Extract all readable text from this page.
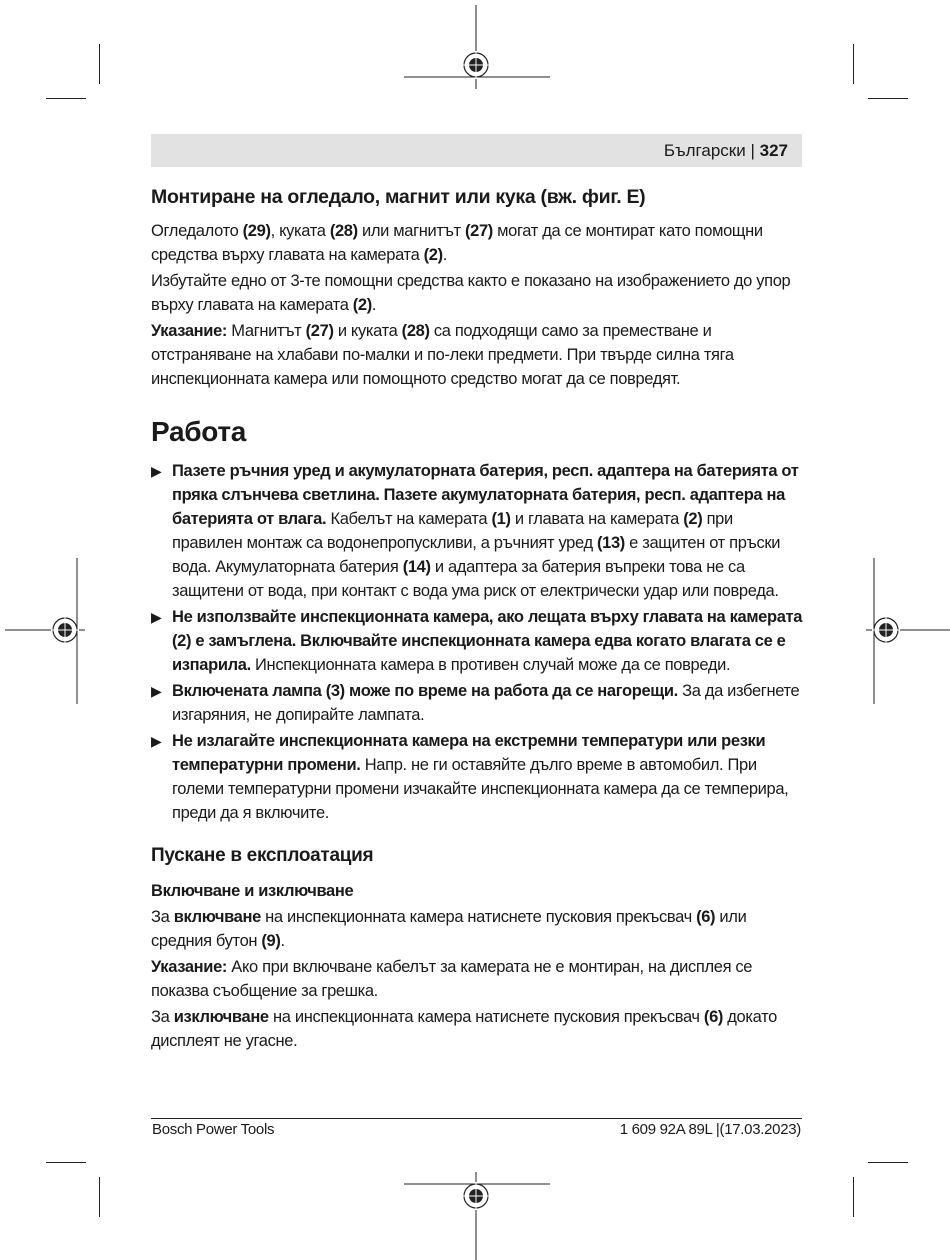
Български | 327
Монтиране на огледало, магнит или кука (вж. фиг. E)

Огледалото (29), куката (28) или магнитът (27) могат да се монтират като помощни средства върху главата на камерата (2).

Избутайте едно от 3-те помощни средства както е показано на изображението до упор върху главата на камерата (2).

Указание: Магнитът (27) и куката (28) са подходящи само за преместване и отстраняване на хлабави по-малки и по-леки предмети. При твърде силна тяга инспекционната камера или помощното средство могат да се повредят.

Работа
▶ Пазете ръчния уред и акумулаторната батерия, респ. адаптера на батерията от пряка слънчева светлина. Пазете акумулаторната батерия, респ. адаптера на батерията от влага. Кабелът на камерата (1) и главата на камерата (2) при правилен монтаж са водонепропускливи, а ръчният уред (13) е защитен от пръски вода. Акумулаторната батерия (14) и адаптера за батерия въпреки това не са защитени от вода, при контакт с вода ума риск от електрически удар или повреда.
▶ Не използвайте инспекционната камера, ако лещата върху главата на камерата (2) е замъглена. Включвайте инспекционната камера едва когато влагата се е изпарила. Инспекционната камера в противен случай може да се повреди.
▶ Включената лампа (3) може по време на работа да се нагорещи. За да избегнете изгаряния, не допирайте лампата.
▶ Не излагайте инспекционната камера на екстремни температури или резки температурни промени. Напр. не ги оставяйте дълго време в автомобил. При големи температурни промени изчакайте инспекционната камера да се темперира, преди да я включите.
Пускане в експлоатация
Включване и изключване

За включване на инспекционната камера натиснете пусковия прекъсвач (6) или средния бутон (9).

Указание: Ако при включване кабелът за камерата не е монтиран, на дисплея се показва съобщение за грешка.

За изключване на инспекционната камера натиснете пусковия прекъсвач (6) докато дисплеят не угасне.

Bosch Power Tools	1 609 92A 89L |(17.03.2023)
